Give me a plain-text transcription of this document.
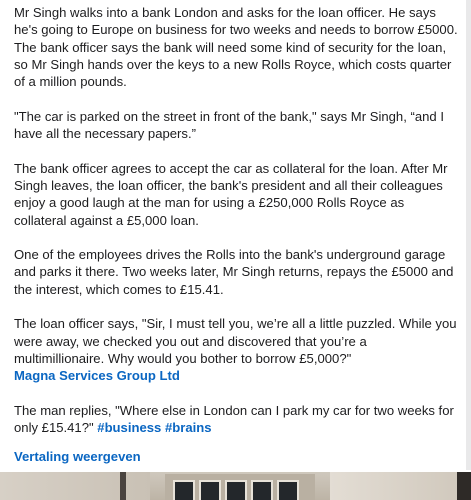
Mr Singh walks into a bank London and asks for the loan officer. He says he's going to Europe on business for two weeks and needs to borrow £5000. The bank officer says the bank will need some kind of security for the loan, so Mr Singh hands over the keys to a new Rolls Royce, which costs quarter of a million pounds.

"The car is parked on the street in front of the bank," says Mr Singh, “and I have all the necessary papers.”

The bank officer agrees to accept the car as collateral for the loan. After Mr Singh leaves, the loan officer, the bank's president and all their colleagues enjoy a good laugh at the man for using a £250,000 Rolls Royce as collateral against a £5,000 loan.

One of the employees drives the Rolls into the bank's underground garage and parks it there. Two weeks later, Mr Singh returns, repays the £5000 and the interest, which comes to £15.41.

The loan officer says, "Sir, I must tell you, we’re all a little puzzled. While you were away, we checked you out and discovered that you’re a multimillionaire. Why would you bother to borrow £5,000?"
Magna Services Group Ltd

The man replies, "Where else in London can I park my car for two weeks for only £15.41?" #business #brains

Vertaling weergeven
